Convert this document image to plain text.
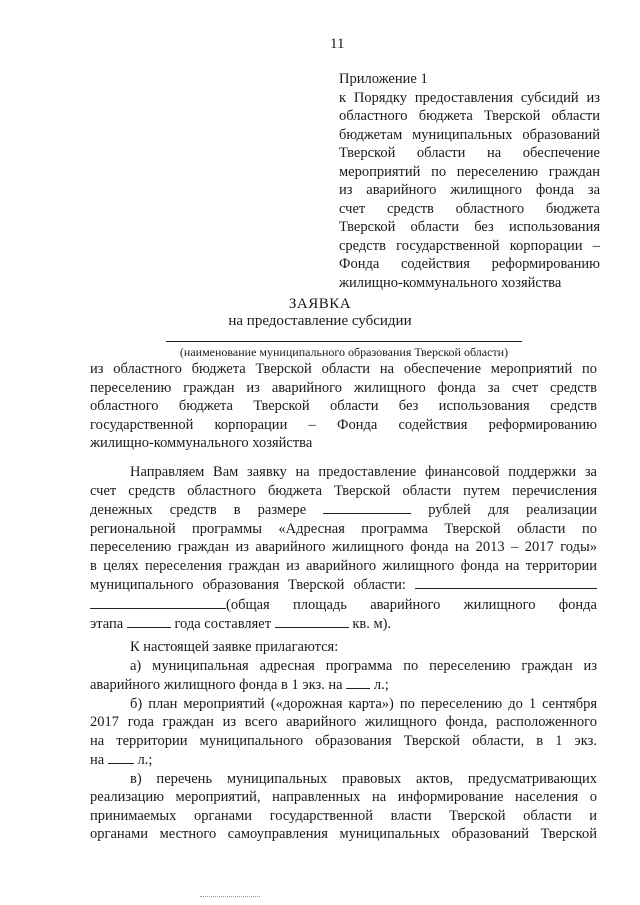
11
Приложение 1
к Порядку предоставления субсидий из
областного бюджета Тверской области
бюджетам муниципальных образований
Тверской области на обеспечение
мероприятий по переселению граждан
из аварийного жилищного фонда за
счет средств областного бюджета
Тверской области без использования
средств государственной корпорации –
Фонда содействия реформированию
жилищно-коммунального хозяйства
ЗАЯВКА
на предоставление субсидии
(наименование муниципального образования Тверской области)
из областного бюджета Тверской области на обеспечение мероприятий по
переселению граждан из аварийного жилищного фонда за счет средств
областного бюджета Тверской области без использования средств
государственной корпорации – Фонда содействия реформированию
жилищно-коммунального хозяйства
Направляем Вам заявку на предоставление финансовой поддержки за
счет средств областного бюджета Тверской области путем перечисления
денежных средств в размере	рублей для реализации
региональной программы «Адресная программа Тверской области по
переселению граждан из аварийного жилищного фонда на 2013 – 2017 годы»
в целях переселения граждан из аварийного жилищного фонда на территории
муниципального образования Тверской области:
(общая площадь аварийного жилищного фонда
этапа	года составляет	кв. м).
К настоящей заявке прилагаются:
а) муниципальная адресная программа по переселению граждан из
аварийного жилищного фонда в 1 экз. на л.;
б) план мероприятий («дорожная карта») по переселению до 1 сентября
2017 года граждан из всего аварийного жилищного фонда, расположенного
на территории муниципального образования Тверской области, в 1 экз.
на л.;
в) перечень муниципальных правовых актов, предусматривающих
реализацию мероприятий, направленных на информирование населения о
принимаемых органами государственной власти Тверской области и
органами местного самоуправления муниципальных образований Тверской
